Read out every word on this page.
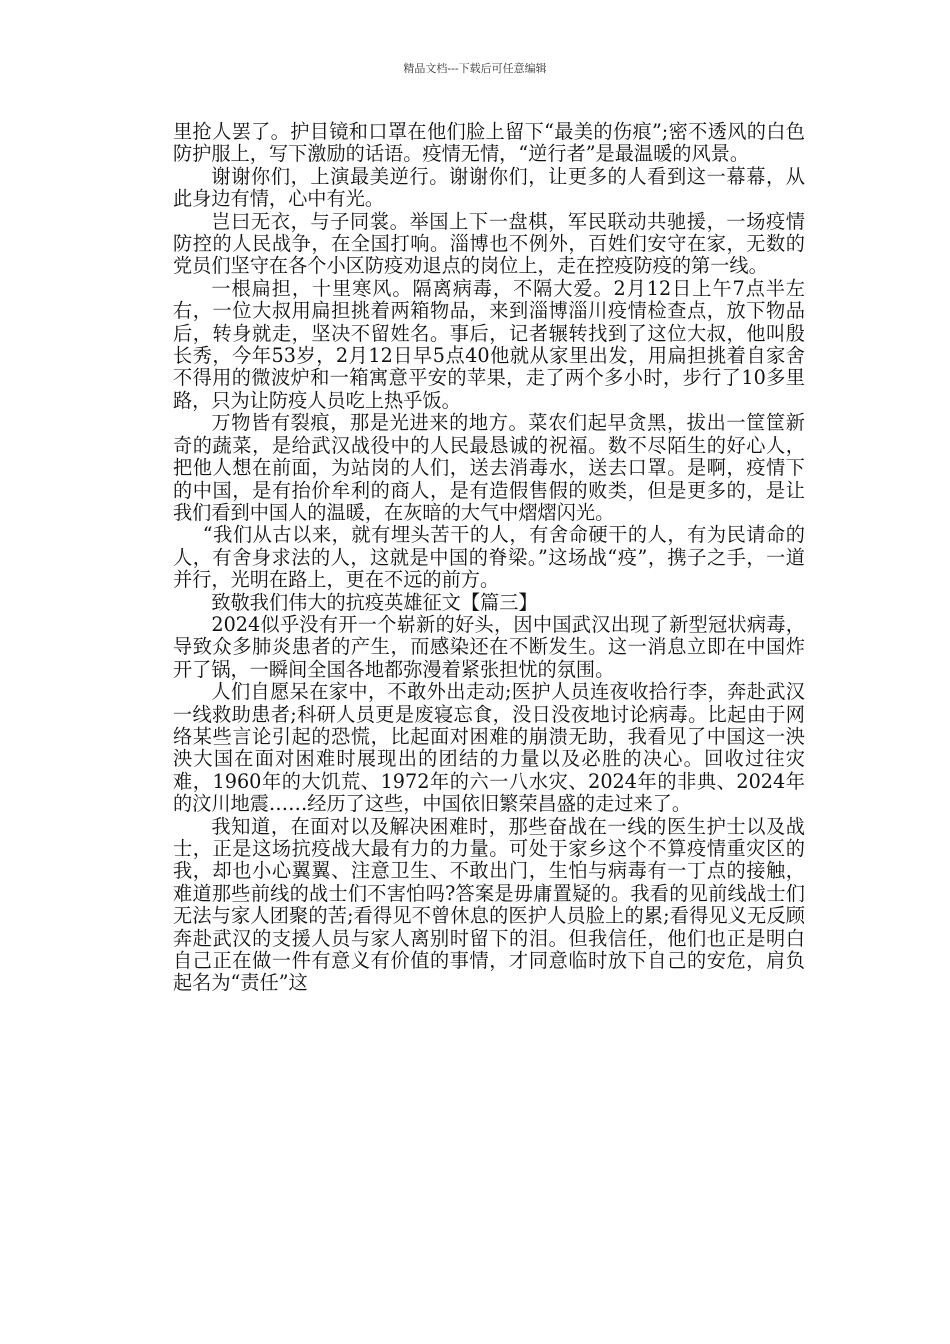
精品文档---下载后可任意编辑

里抢人罢了。护目镜和口罩在他们脸上留下“最美的伤痕”;密不透风的白色防护服上，写下激励的话语。疫情无情，“逆行者”是最温暖的风景。

谢谢你们，上演最美逆行。谢谢你们，让更多的人看到这一幕幕，从此身边有情，心中有光。

岂曰无衣，与子同裳。举国上下一盘棋，军民联动共驰援，一场疫情防控的人民战争，在全国打响。淄博也不例外，百姓们安守在家，无数的党员们坚守在各个小区防疫劝退点的岗位上，走在控疫防疫的第一线。

一根扁担，十里寒风。隔离病毒，不隔大爱。2月12日上午7点半左右，一位大叔用扁担挑着两箱物品，来到淄博淄川疫情检查点，放下物品后，转身就走，坚决不留姓名。事后，记者辗转找到了这位大叔，他叫殷长秀，今年53岁，2月12日早5点40他就从家里出发，用扁担挑着自家舍不得用的微波炉和一箱寓意平安的苹果，走了两个多小时，步行了10多里路，只为让防疫人员吃上热乎饭。

万物皆有裂痕，那是光进来的地方。菜农们起早贪黑，拔出一筐筐新奇的蔬菜，是给武汉战役中的人民最恳诚的祝福。数不尽陌生的好心人，把他人想在前面，为站岗的人们，送去消毒水，送去口罩。是啊，疫情下的中国，是有抬价牟利的商人，是有造假售假的败类，但是更多的，是让我们看到中国人的温暖，在灰暗的大气中熠熠闪光。

“我们从古以来，就有埋头苦干的人，有舍命硬干的人，有为民请命的人，有舍身求法的人，这就是中国的脊梁。”这场战“疫”，携子之手，一道并行，光明在路上，更在不远的前方。

致敬我们伟大的抗疫英雄征文【篇三】

2024似乎没有开一个崭新的好头，因中国武汉出现了新型冠状病毒，导致众多肺炎患者的产生，而感染还在不断发生。这一消息立即在中国炸开了锅，一瞬间全国各地都弥漫着紧张担忧的氛围。

人们自愿呆在家中，不敢外出走动;医护人员连夜收拾行李，奔赴武汉一线救助患者;科研人员更是废寝忘食，没日没夜地讨论病毒。比起由于网络某些言论引起的恐慌，比起面对困难的崩溃无助，我看见了中国这一泱泱大国在面对困难时展现出的团结的力量以及必胜的决心。回收过往灾难，1960年的大饥荒、1972年的六一八水灾、2024年的非典、2024年的汶川地震……经历了这些，中国依旧繁荣昌盛的走过来了。

我知道，在面对以及解决困难时，那些奋战在一线的医生护士以及战士，正是这场抗疫战大最有力的力量。可处于家乡这个不算疫情重灾区的我，却也小心翼翼、注意卫生、不敢出门，生怕与病毒有一丁点的接触，难道那些前线的战士们不害怕吗?答案是毋庸置疑的。我看的见前线战士们无法与家人团聚的苦;看得见不曾休息的医护人员脸上的累;看得见义无反顾奔赴武汉的支援人员与家人离别时留下的泪。但我信任，他们也正是明白自己正在做一件有意义有价值的事情，才同意临时放下自己的安危，肩负起名为“责任”这
